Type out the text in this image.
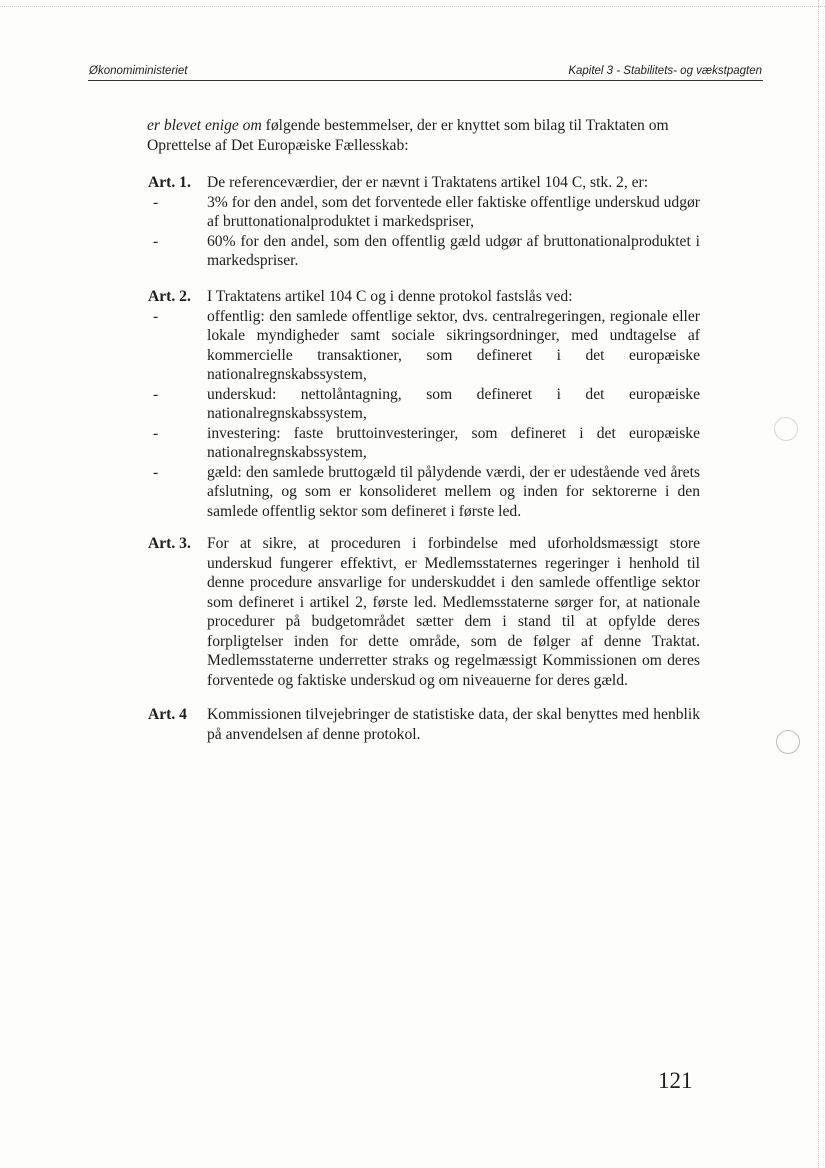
Økonomiministeriet	Kapitel 3 - Stabilitets- og vækstpagten
er blevet enige om følgende bestemmelser, der er knyttet som bilag til Traktaten om Oprettelse af Det Europæiske Fællesskab:
Art. 1. De referenceværdier, der er nævnt i Traktatens artikel 104 C, stk. 2, er:
-	3% for den andel, som det forventede eller faktiske offentlige underskud udgør af bruttonationalproduktet i markedspriser,
-	60% for den andel, som den offentlig gæld udgør af bruttonationalproduktet i markedspriser.
Art. 2. I Traktatens artikel 104 C og i denne protokol fastslås ved:
-	offentlig: den samlede offentlige sektor, dvs. centralregeringen, regionale eller lokale myndigheder samt sociale sikringsordninger, med undtagelse af kommercielle transaktioner, som defineret i det europæiske nationalregnskabssystem,
-	underskud: nettolåntagning, som defineret i det europæiske nationalregnskabssystem,
-	investering: faste bruttoinvesteringer, som defineret i det europæiske nationalregnskabssystem,
-	gæld: den samlede bruttogæld til pålydende værdi, der er udestående ved årets afslutning, og som er konsolideret mellem og inden for sektorerne i den samlede offentlig sektor som defineret i første led.
Art. 3. For at sikre, at proceduren i forbindelse med uforholdsmæssigt store underskud fungerer effektivt, er Medlemsstaternes regeringer i henhold til denne procedure ansvarlige for underskuddet i den samlede offentlige sektor som defineret i artikel 2, første led. Medlemsstaterne sørger for, at nationale procedurer på budgetområdet sætter dem i stand til at opfylde deres forpligtelser inden for dette område, som de følger af denne Traktat. Medlemsstaterne underretter straks og regelmæssigt Kommissionen om deres forventede og faktiske underskud og om niveauerne for deres gæld.
Art. 4 Kommissionen tilvejebringer de statistiske data, der skal benyttes med henblik på anvendelsen af denne protokol.
121
